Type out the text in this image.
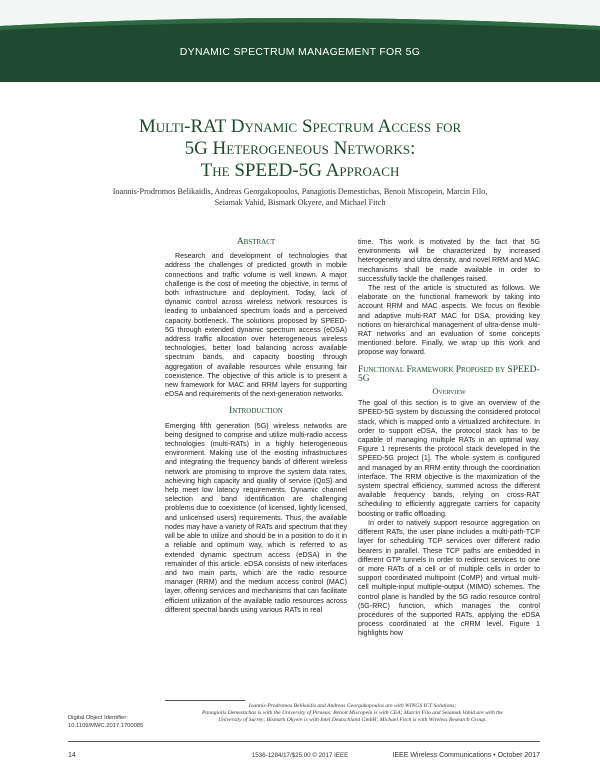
DYNAMIC SPECTRUM MANAGEMENT FOR 5G
Multi-RAT Dynamic Spectrum Access for
5G Heterogeneous Networks:
The SPEED-5G Approach
Ioannis-Prodromos Belikaidis, Andreas Georgakopoulos, Panagiotis Demestichas, Benoit Miscopein, Marcin Filo,
Seiamak Vahid, Bismark Okyere, and Michael Fitch
Abstract

Research and development of technologies that address the challenges of predicted growth in mobile connections and traffic volume is well known. A major challenge is the cost of meeting the objective, in terms of both infrastructure and deployment. Today, lack of dynamic control across wireless network resources is leading to unbalanced spectrum loads and a perceived capacity bottleneck. The solutions proposed by SPEED-5G through extended dynamic spectrum access (eDSA) address traffic allocation over heterogeneous wireless technologies, better load balancing across available spectrum bands, and capacity boosting through aggregation of available resources while ensuring fair coexistence. The objective of this article is to present a new framework for MAC and RRM layers for supporting eDSA and requirements of the next-generation networks.

Introduction

Emerging fifth generation (5G) wireless networks are being designed to comprise and utilize multi-radio access technologies (multi-RATs) in a highly heterogeneous environment. Making use of the existing infrastructures and integrating the frequency bands of different wireless network are promising to improve the system data rates, achieving high capacity and quality of service (QoS) and help meet low latency requirements. Dynamic channel selection and band identification are challenging problems due to coexistence (of licensed, lightly licensed, and unlicensed users) requirements. Thus, the available nodes may have a variety of RATs and spectrum that they will be able to utilize and should be in a position to do it in a reliable and optimum way, which is referred to as extended dynamic spectrum access (eDSA) in the remainder of this article. eDSA consists of new interfaces and two main parts, which are the radio resource manager (RRM) and the medium access control (MAC) layer, offering services and mechanisms that can facilitate efficient utilization of the available radio resources across different spectral bands using various RATs in real

time. This work is motivated by the fact that 5G environments will be characterized by increased heterogeneity and ultra density, and novel RRM and MAC mechanisms shall be made available in order to successfully tackle the challenges raised.

The rest of the article is structured as follows. We elaborate on the functional framework by taking into account RRM and MAC aspects. We focus on flexible and adaptive multi-RAT MAC for DSA, providing key notions on hierarchical management of ultra-dense multi-RAT networks and an evaluation of some concepts mentioned before. Finally, we wrap up this work and propose way forward.

Functional Framework Proposed by SPEED-5G
Overview

The goal of this section is to give an overview of the SPEED-5G system by discussing the considered protocol stack, which is mapped onto a virtualized architecture. In order to support eDSA, the protocol stack has to be capable of managing multiple RATs in an optimal way. Figure 1 represents the protocol stack developed in the SPEED-5G project [1]. The whole system is configured and managed by an RRM entity through the coordination interface. The RRM objective is the maximization of the system spectral efficiency, summed across the different available frequency bands, relying on cross-RAT scheduling to efficiently aggregate carriers for capacity boosting or traffic offloading.

In order to natively support resource aggregation on different RATs, the user plane includes a multi-path-TCP layer for scheduling TCP services over different radio bearers in parallel. These TCP paths are embedded in different GTP tunnels in order to redirect services to one or more RATs of a cell or of multiple cells in order to support coordinated multipoint (CoMP) and virtual multi-cell multiple-input multiple-output (MIMO) schemes. The control plane is handled by the 5G radio resource control (5G-RRC) function, which manages the control procedures of the supported RATs, applying the eDSA process coordinated at the cRRM level. Figure 1 highlights how

Ioannis-Prodromos Belikaidis and Andreas Georgakopoulos are with WINGS ICT Solutions;
Panagiotis Demestichas is with the University of Piraeus; Benoit Miscopein is with CEA; Marcin Filo and Seiamak Vahid are with the
University of Surrey; Bismark Okyere is with Intel Deutschland GmbH; Michael Fitch is with Wireless Research Group.
Digital Object Identifier:
10.1109/MWC.2017.1700085
14	1536-1284/17/$25.00 © 2017 IEEE	IEEE Wireless Communications • October 2017
